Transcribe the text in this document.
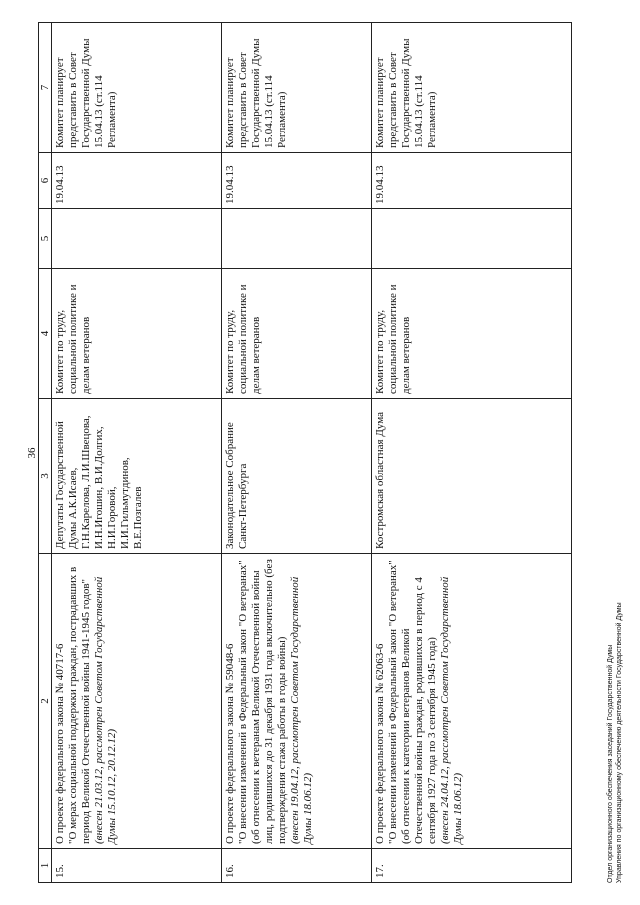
36
1	2	3	4	5	6	7
15.	О проекте федерального закона № 40717-6 "О мерах социальной поддержки граждан, пострадавших в период Великой Отечественной войны 1941-1945 годов" (внесен 21.03.12, рассмотрен Советом Государственной Думы 15.10.12, 20.12.12)	Депутаты Государственной Думы А.К.Исаев, Г.Н.Карелова, Л.И.Швецова, И.Н.Игошин, В.И.Долгих, Н.И.Горовой, И.И.Гильмутдинов, В.Е.Позгалев	Комитет по труду, социальной политике и делам ветеранов		19.04.13	Комитет планирует представить в Совет Государственной Думы 15.04.13 (ст.114 Регламента)
16.	О проекте федерального закона № 59048-6 "О внесении изменений в Федеральный закон "О ветеранах" (об отнесении к ветеранам Великой Отечественной войны лиц, родившихся до 31 декабря 1931 года включительно (без подтверждения стажа работы в годы войны) (внесен 19.04.12, рассмотрен Советом Государственной Думы 18.06.12)	Законодательное Собрание Санкт-Петербурга	Комитет по труду, социальной политике и делам ветеранов		19.04.13	Комитет планирует представить в Совет Государственной Думы 15.04.13 (ст.114 Регламента)
17.	О проекте федерального закона № 62063-6 "О внесении изменений в Федеральный закон "О ветеранах" (об отнесении к категории ветеранов Великой Отечественной войны граждан, родившихся в период с 4 сентября 1927 года по 3 сентября 1945 года) (внесен 24.04.12, рассмотрен Советом Государственной Думы 18.06.12)	Костромская областная Дума	Комитет по труду, социальной политике и делам ветеранов		19.04.13	Комитет планирует представить в Совет Государственной Думы 15.04.13 (ст.114 Регламента)
Отдел организационного обеспечения заседаний Государственной Думы Управления по организационному обеспечению деятельности Государственной Думы
